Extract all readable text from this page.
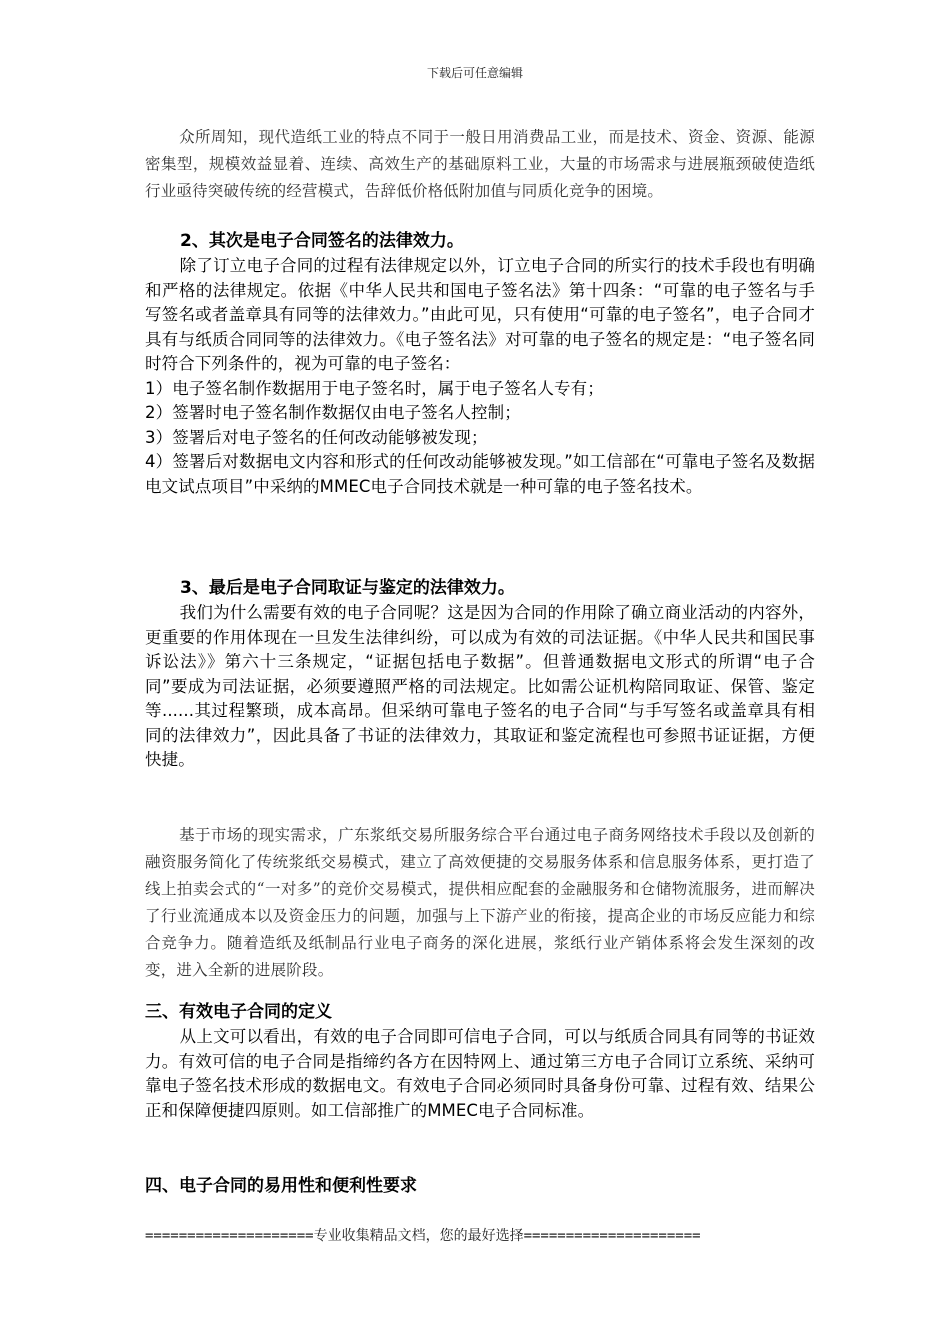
下载后可任意编辑
众所周知，现代造纸工业的特点不同于一般日用消费品工业，而是技术、资金、资源、能源密集型，规模效益显着、连续、高效生产的基础原料工业，大量的市场需求与进展瓶颈破使造纸行业亟待突破传统的经营模式，告辞低价格低附加值与同质化竞争的困境。
2、其次是电子合同签名的法律效力。
除了订立电子合同的过程有法律规定以外，订立电子合同的所实行的技术手段也有明确和严格的法律规定。依据《中华人民共和国电子签名法》第十四条：“可靠的电子签名与手写签名或者盖章具有同等的法律效力。”由此可见，只有使用“可靠的电子签名”，电子合同才具有与纸质合同同等的法律效力。《电子签名法》对可靠的电子签名的规定是：“电子签名同时符合下列条件的，视为可靠的电子签名：
1）电子签名制作数据用于电子签名时，属于电子签名人专有；
2）签署时电子签名制作数据仅由电子签名人控制；
3）签署后对电子签名的任何改动能够被发现；
4）签署后对数据电文内容和形式的任何改动能够被发现。”如工信部在“可靠电子签名及数据电文试点项目”中采纳的MMEC电子合同技术就是一种可靠的电子签名技术。
3、最后是电子合同取证与鉴定的法律效力。
我们为什么需要有效的电子合同呢？这是因为合同的作用除了确立商业活动的内容外，更重要的作用体现在一旦发生法律纠纷，可以成为有效的司法证据。《中华人民共和国民事诉讼法》》第六十三条规定，“证据包括电子数据”。但普通数据电文形式的所谓“电子合同”要成为司法证据，必须要遵照严格的司法规定。比如需公证机构陪同取证、保管、鉴定等......其过程繁琐，成本高昂。但采纳可靠电子签名的电子合同“与手写签名或盖章具有相同的法律效力”，因此具备了书证的法律效力，其取证和鉴定流程也可参照书证证据，方便快捷。
基于市场的现实需求，广东浆纸交易所服务综合平台通过电子商务网络技术手段以及创新的融资服务简化了传统浆纸交易模式，建立了高效便捷的交易服务体系和信息服务体系，更打造了线上拍卖会式的“一对多”的竞价交易模式，提供相应配套的金融服务和仓储物流服务，进而解决了行业流通成本以及资金压力的问题，加强与上下游产业的衔接，提高企业的市场反应能力和综合竞争力。随着造纸及纸制品行业电子商务的深化进展，浆纸行业产销体系将会发生深刻的改变，进入全新的进展阶段。
三、有效电子合同的定义
从上文可以看出，有效的电子合同即可信电子合同，可以与纸质合同具有同等的书证效力。有效可信的电子合同是指缔约各方在因特网上、通过第三方电子合同订立系统、采纳可靠电子签名技术形成的数据电文。有效电子合同必须同时具备身份可靠、过程有效、结果公正和保障便捷四原则。如工信部推广的MMEC电子合同标准。
四、电子合同的易用性和便利性要求
====================专业收集精品文档，您的最好选择=====================
